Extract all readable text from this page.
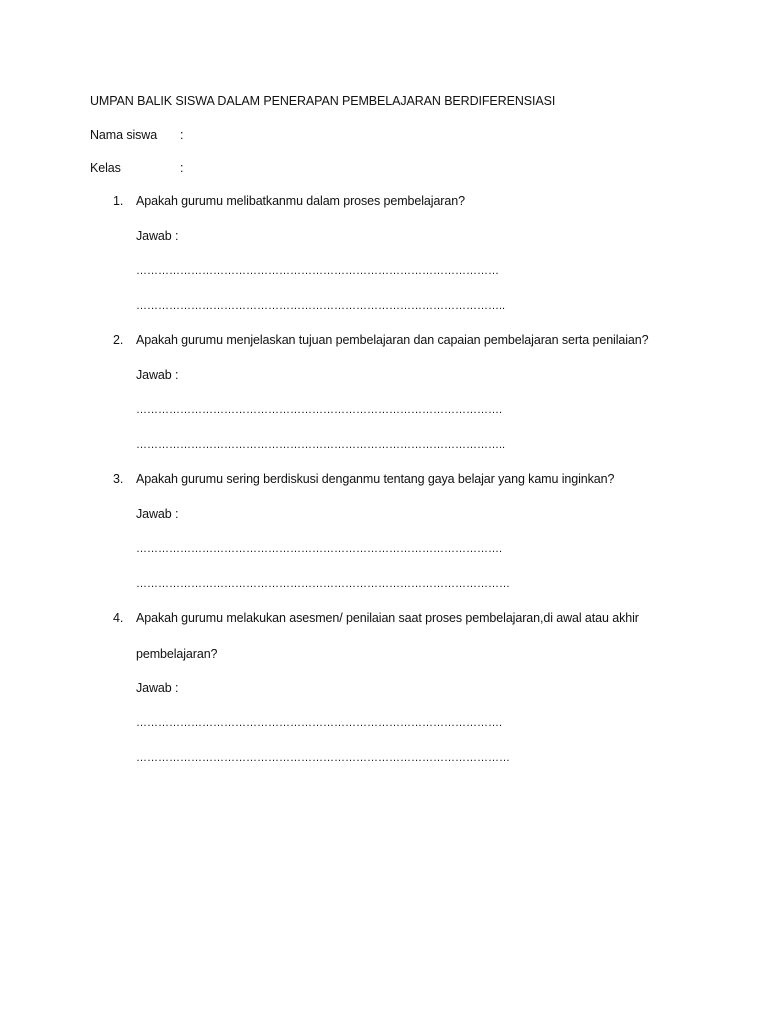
UMPAN BALIK SISWA DALAM PENERAPAN PEMBELAJARAN BERDIFERENSIASI
Nama siswa :
Kelas	:
1. Apakah gurumu melibatkanmu dalam proses pembelajaran?
Jawab :
………………………………………………………………………………………
………………………………………………………………………………………..
2. Apakah gurumu menjelaskan tujuan pembelajaran dan capaian pembelajaran serta penilaian?
Jawab :
……………………………………………………………………………………….
………………………………………………………………………………………..
3. Apakah gurumu sering berdiskusi denganmu tentang gaya belajar yang kamu inginkan?
Jawab :
……………………………………………………………………………………….
…………………………………………………………………………………………
4. Apakah gurumu melakukan asesmen/ penilaian saat proses pembelajaran,di awal atau akhir
pembelajaran?
Jawab :
……………………………………………………………………………………….
…………………………………………………………………………………………
